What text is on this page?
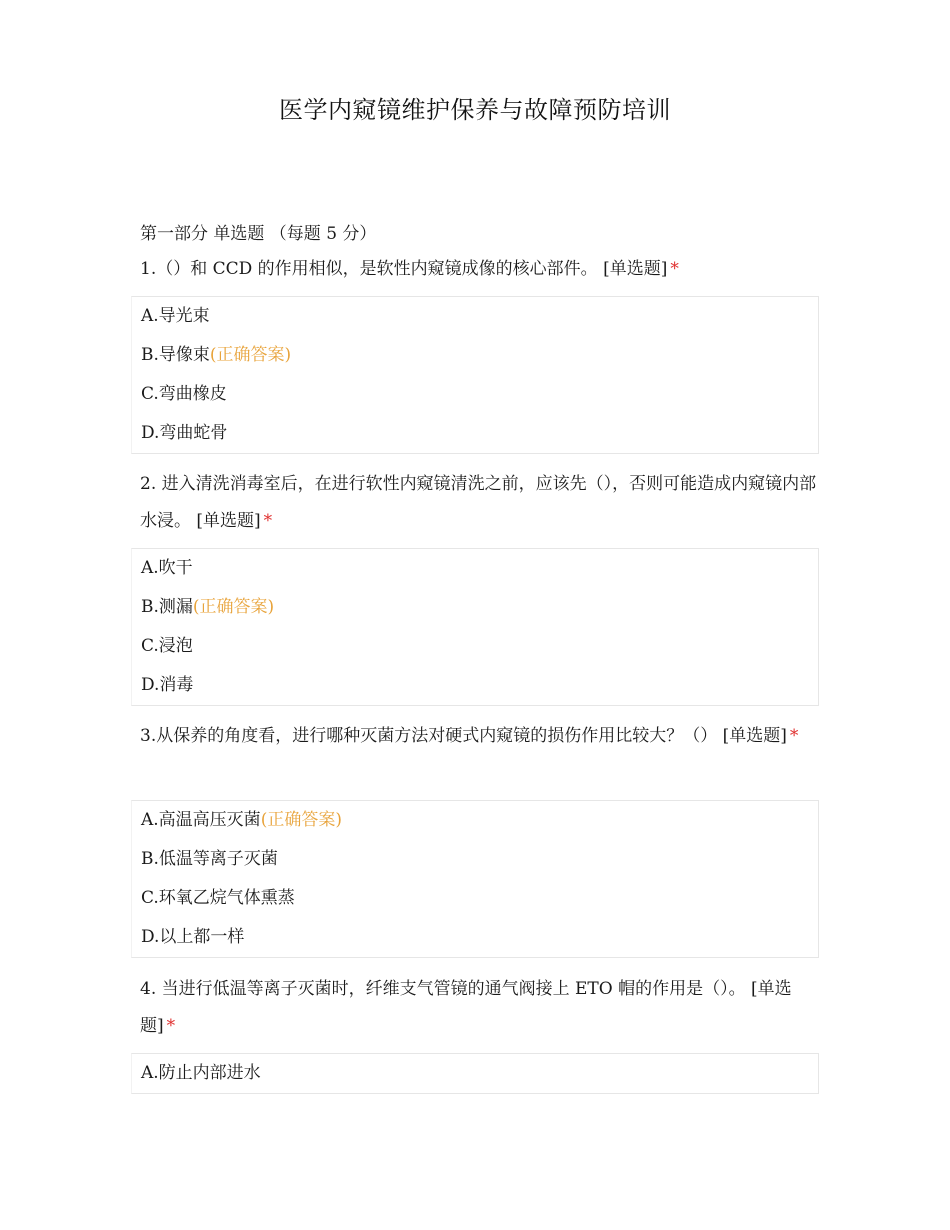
医学内窥镜维护保养与故障预防培训
第一部分 单选题 （每题 5 分）
1.（）和 CCD 的作用相似，是软性内窥镜成像的核心部件。 [单选题] *
A.导光束
B.导像束(正确答案)
C.弯曲橡皮
D.弯曲蛇骨
2. 进入清洗消毒室后，在进行软性内窥镜清洗之前，应该先（），否则可能造成内窥镜内部水浸。 [单选题] *
A.吹干
B.测漏(正确答案)
C.浸泡
D.消毒
3.从保养的角度看，进行哪种灭菌方法对硬式内窥镜的损伤作用比较大？（） [单选题] *
A.高温高压灭菌(正确答案)
B.低温等离子灭菌
C.环氧乙烷气体熏蒸
D.以上都一样
4. 当进行低温等离子灭菌时，纤维支气管镜的通气阀接上 ETO 帽的作用是（）。 [单选题] *
A.防止内部进水
